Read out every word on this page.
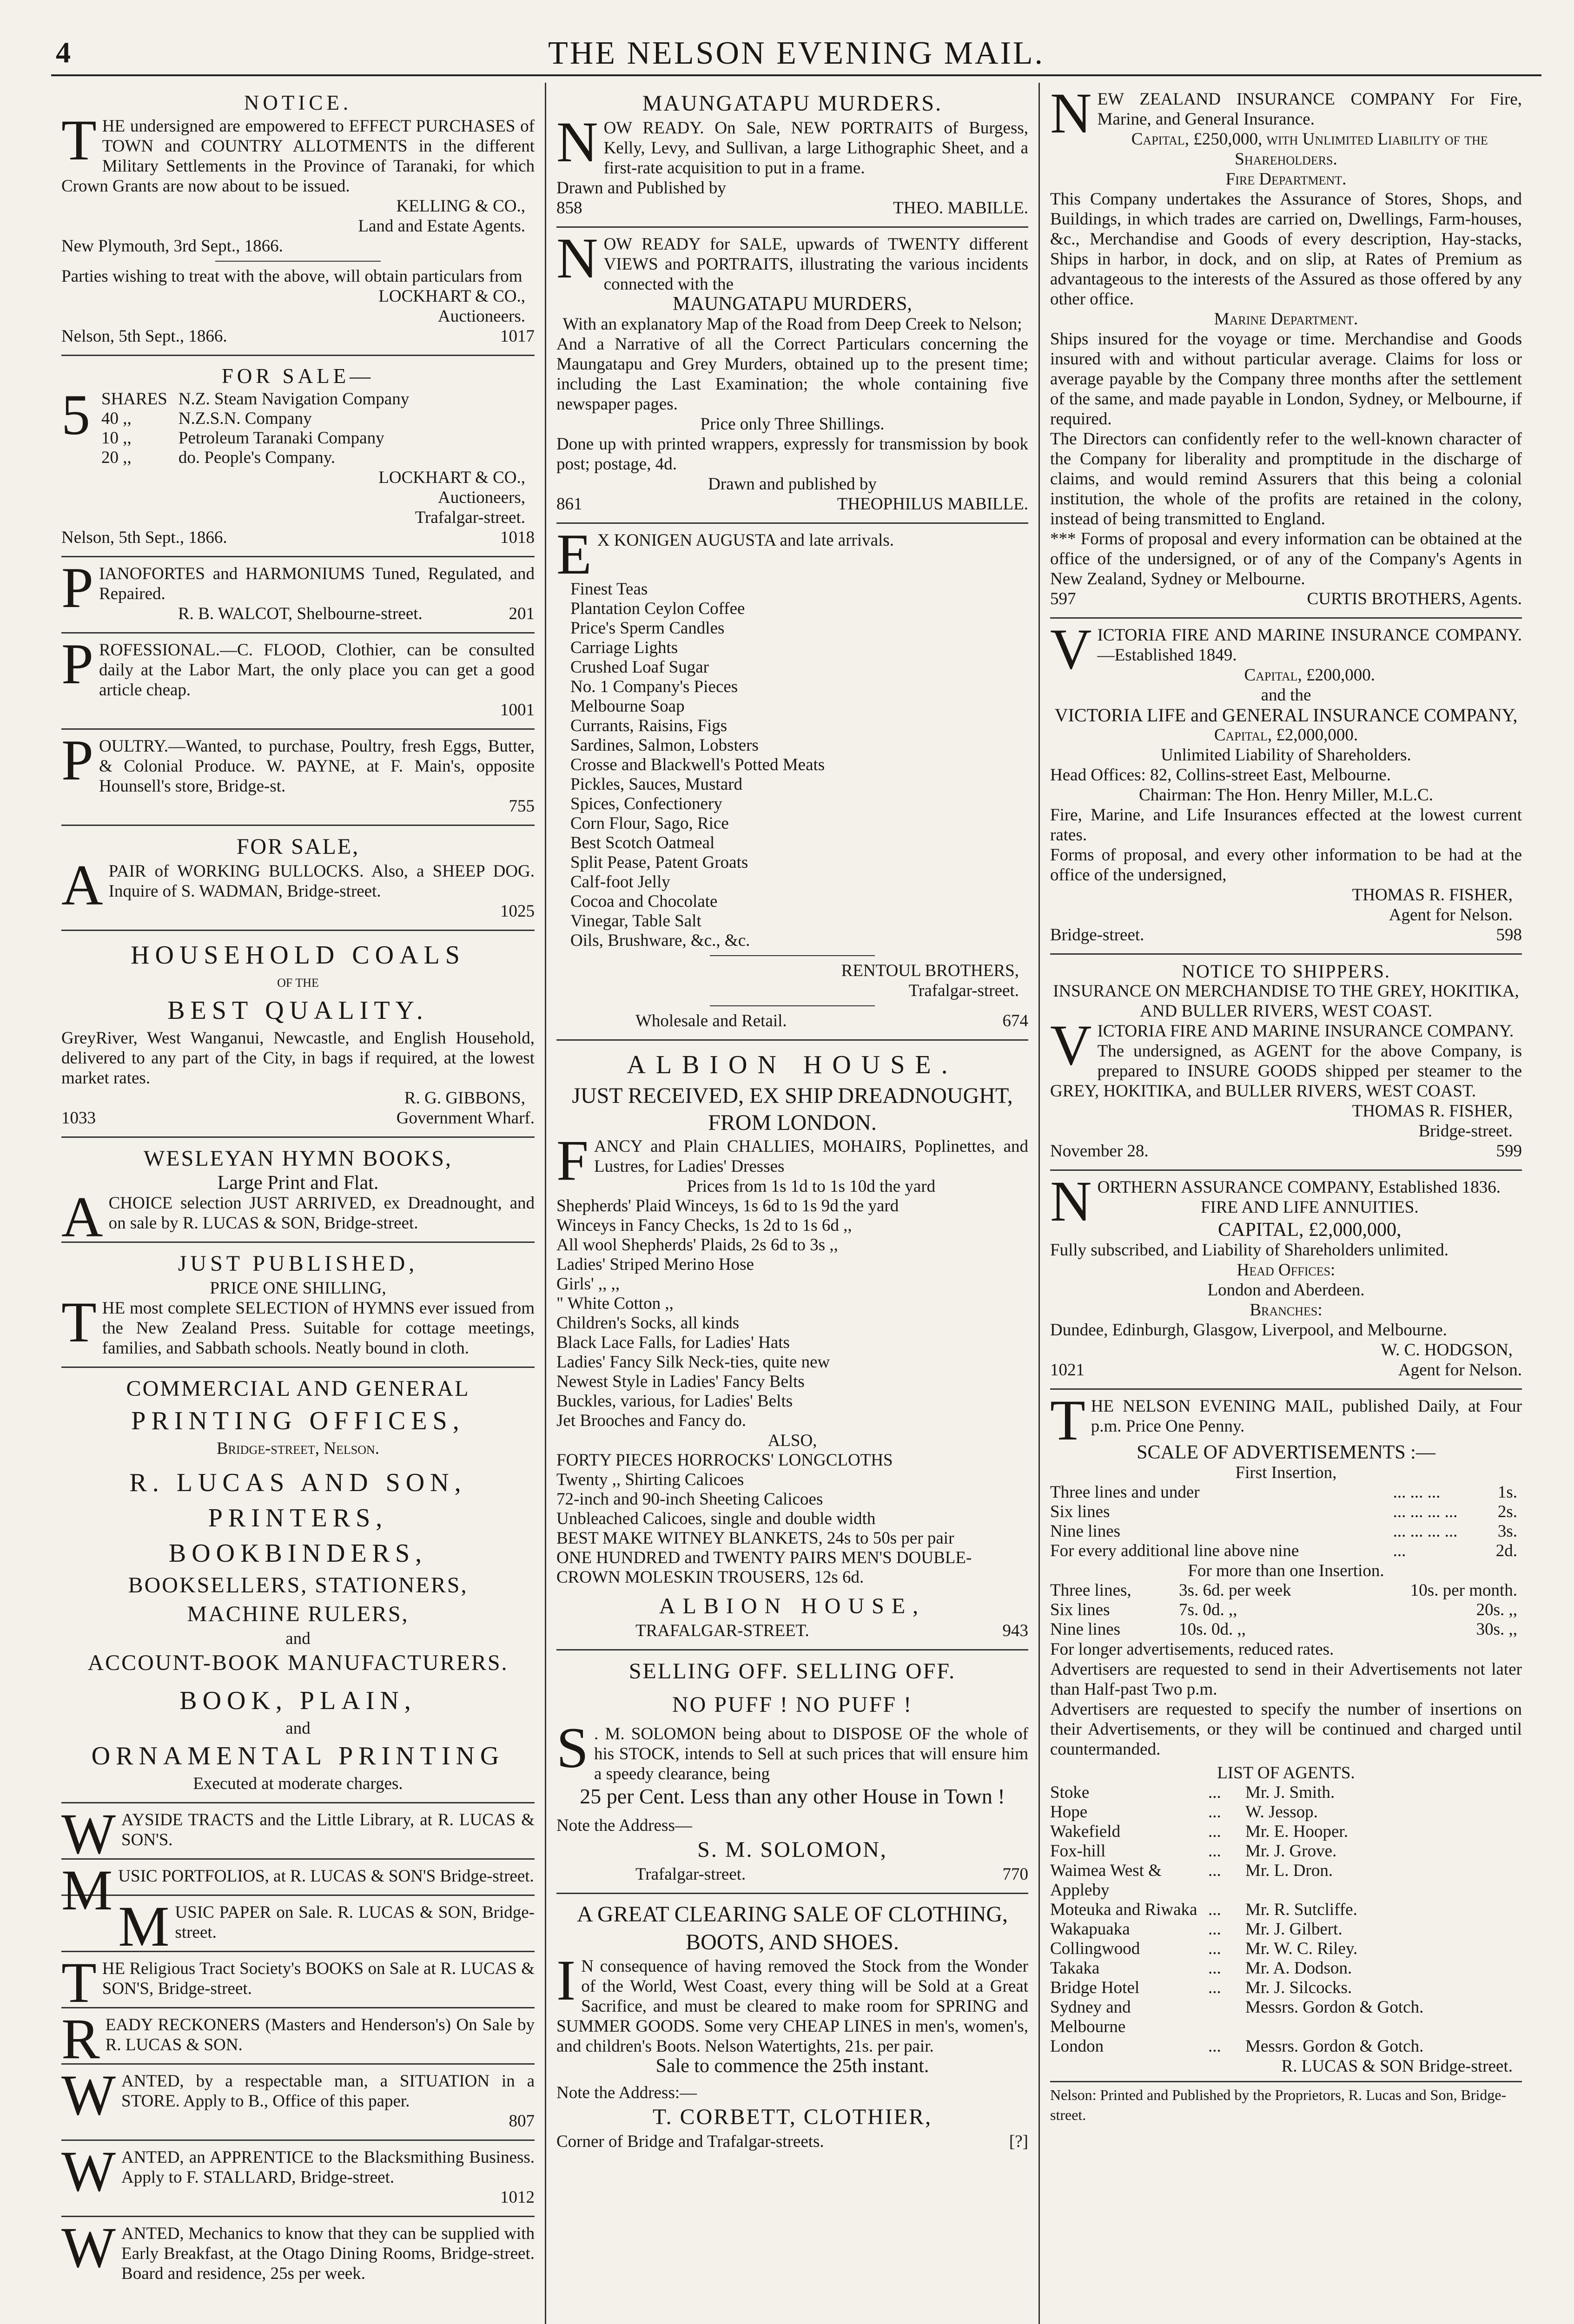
4	THE NELSON EVENING MAIL.
NOTICE.

THE undersigned are empowered to EFFECT PURCHASES of TOWN and COUNTRY ALLOTMENTS in the different Military Settlements in the Province of Taranaki, for which Crown Grants are now about to be issued.

KELLING & CO.,
Land and Estate Agents.
New Plymouth, 3rd Sept., 1866.

Parties wishing to treat with the above, will obtain particulars from

LOCKHART & CO.,
Auctioneers.
Nelson, 5th Sept., 1866.	1017
FOR SALE—
5	SHARES	N.Z. Steam Navigation Company
	40 ,,	N.Z.S.N. Company
	10 ,,	Petroleum Taranaki Company
	20 ,,	do. People's Company.
LOCKHART & CO.,
Auctioneers,
Trafalgar-street.
Nelson, 5th Sept., 1866.	1018

PIANOFORTES and HARMONIUMS Tuned, Regulated, and Repaired.

R. B. WALCOT, Shelbourne-street.	201

PROFESSIONAL.—C. FLOOD, Clothier, can be consulted daily at the Labor Mart, the only place you can get a good article cheap.

1001

POULTRY.—Wanted, to purchase, Poultry, fresh Eggs, Butter, & Colonial Produce. W. PAYNE, at F. Main's, opposite Hounsell's store, Bridge-st.

755
FOR SALE,

APAIR of WORKING BULLOCKS. Also, a SHEEP DOG. Inquire of S. WADMAN, Bridge-street.

1025
HOUSEHOLD COALS
OF THE
BEST QUALITY.

GreyRiver, West Wanganui, Newcastle, and English Household, delivered to any part of the City, in bags if required, at the lowest market rates.

R. G. GIBBONS,
1033	Government Wharf.
WESLEYAN HYMN BOOKS,
Large Print and Flat.

ACHOICE selection JUST ARRIVED, ex Dreadnought, and on sale by R. LUCAS & SON, Bridge-street.

JUST PUBLISHED,
PRICE ONE SHILLING,

THE most complete SELECTION of HYMNS ever issued from the New Zealand Press. Suitable for cottage meetings, families, and Sabbath schools. Neatly bound in cloth.

COMMERCIAL AND GENERAL
PRINTING OFFICES,
Bridge-street, Nelson.
R. LUCAS AND SON,
PRINTERS,
BOOKBINDERS,
BOOKSELLERS, STATIONERS,
MACHINE RULERS,
and
ACCOUNT-BOOK MANUFACTURERS.
BOOK, PLAIN,
and
ORNAMENTAL PRINTING
Executed at moderate charges.

WAYSIDE TRACTS and the Little Library, at R. LUCAS & SON'S.

MUSIC PORTFOLIOS, at R. LUCAS & SON'S Bridge-street.

MUSIC PAPER on Sale. R. LUCAS & SON, Bridge-street.

THE Religious Tract Society's BOOKS on Sale at R. LUCAS & SON'S, Bridge-street.

READY RECKONERS (Masters and Henderson's) On Sale by R. LUCAS & SON.

WANTED, by a respectable man, a SITUATION in a STORE. Apply to B., Office of this paper.

807

WANTED, an APPRENTICE to the Blacksmithing Business. Apply to F. STALLARD, Bridge-street.

1012

WANTED, Mechanics to know that they can be supplied with Early Breakfast, at the Otago Dining Rooms, Bridge-street. Board and residence, 25s per week.

MAUNGATAPU MURDERS.

NOW READY. On Sale, NEW PORTRAITS of Burgess, Kelly, Levy, and Sullivan, a large Lithographic Sheet, and a first-rate acquisition to put in a frame.

Drawn and Published by
858	THEO. MABILLE.

NOW READY for SALE, upwards of TWENTY different VIEWS and PORTRAITS, illustrating the various incidents connected with the

MAUNGATAPU MURDERS,
With an explanatory Map of the Road from Deep Creek to Nelson;

And a Narrative of all the Correct Particulars concerning the Maungatapu and Grey Murders, obtained up to the present time; including the Last Examination; the whole containing five newspaper pages.

Price only Three Shillings.

Done up with printed wrappers, expressly for transmission by book post; postage, 4d.

Drawn and published by
861	THEOPHILUS MABILLE.

E X KONIGEN AUGUSTA and late arrivals.

Finest Teas
Plantation Ceylon Coffee
Price's Sperm Candles
Carriage Lights
Crushed Loaf Sugar
No. 1 Company's Pieces
Melbourne Soap
Currants, Raisins, Figs
Sardines, Salmon, Lobsters
Crosse and Blackwell's Potted Meats
Pickles, Sauces, Mustard
Spices, Confectionery
Corn Flour, Sago, Rice
Best Scotch Oatmeal
Split Pease, Patent Groats
Calf-foot Jelly
Cocoa and Chocolate
Vinegar, Table Salt
Oils, Brushware, &c., &c.
RENTOUL BROTHERS,
Trafalgar-street.
Wholesale and Retail.	674
ALBION HOUSE.
JUST RECEIVED, EX SHIP DREADNOUGHT, FROM LONDON.

FANCY and Plain CHALLIES, MOHAIRS, Poplinettes, and Lustres, for Ladies' Dresses

Prices from 1s 1d to 1s 10d the yard
Shepherds' Plaid Winceys, 1s 6d to 1s 9d the yard
Winceys in Fancy Checks, 1s 2d to 1s 6d ,,
All wool Shepherds' Plaids, 2s 6d to 3s ,,
Ladies' Striped Merino Hose
Girls' ,, ,,
" White Cotton ,,
Children's Socks, all kinds
Black Lace Falls, for Ladies' Hats
Ladies' Fancy Silk Neck-ties, quite new
Newest Style in Ladies' Fancy Belts
Buckles, various, for Ladies' Belts
Jet Brooches and Fancy do.
ALSO,
FORTY PIECES HORROCKS' LONGCLOTHS
Twenty ,, Shirting Calicoes
72-inch and 90-inch Sheeting Calicoes
Unbleached Calicoes, single and double width
BEST MAKE WITNEY BLANKETS, 24s to 50s per pair
ONE HUNDRED and TWENTY PAIRS MEN'S DOUBLE-CROWN MOLESKIN TROUSERS, 12s 6d.
ALBION HOUSE,
TRAFALGAR-STREET.	943
SELLING OFF. SELLING OFF.
NO PUFF ! NO PUFF !

S . M. SOLOMON being about to DISPOSE OF the whole of his STOCK, intends to Sell at such prices that will ensure him a speedy clearance, being

25 per Cent. Less than any other House in Town !
Note the Address—
S. M. SOLOMON,
Trafalgar-street.	770
A GREAT CLEARING SALE OF CLOTHING, BOOTS, AND SHOES.

I N consequence of having removed the Stock from the Wonder of the World, West Coast, every thing will be Sold at a Great Sacrifice, and must be cleared to make room for SPRING and SUMMER GOODS. Some very CHEAP LINES in men's, women's, and children's Boots. Nelson Watertights, 21s. per pair.

Sale to commence the 25th instant.
Note the Address:—
T. CORBETT, CLOTHIER,
Corner of Bridge and Trafalgar-streets.	[?]

NEW ZEALAND INSURANCE COMPANY For Fire, Marine, and General Insurance.

Capital, £250,000, with Unlimited Liability of the Shareholders.
Fire Department.

This Company undertakes the Assurance of Stores, Shops, and Buildings, in which trades are carried on, Dwellings, Farm-houses, &c., Merchandise and Goods of every description, Hay-stacks, Ships in harbor, in dock, and on slip, at Rates of Premium as advantageous to the interests of the Assured as those offered by any other office.

Marine Department.

Ships insured for the voyage or time. Merchandise and Goods insured with and without particular average. Claims for loss or average payable by the Company three months after the settlement of the same, and made payable in London, Sydney, or Melbourne, if required.

The Directors can confidently refer to the well-known character of the Company for liberality and promptitude in the discharge of claims, and would remind Assurers that this being a colonial institution, the whole of the profits are retained in the colony, instead of being transmitted to England.

*** Forms of proposal and every information can be obtained at the office of the undersigned, or of any of the Company's Agents in New Zealand, Sydney or Melbourne.

597	CURTIS BROTHERS, Agents.

VICTORIA FIRE AND MARINE INSURANCE COMPANY.—Established 1849.

Capital, £200,000.
and the
VICTORIA LIFE and GENERAL INSURANCE COMPANY,
Capital, £2,000,000.
Unlimited Liability of Shareholders.
Head Offices: 82, Collins-street East, Melbourne.
Chairman: The Hon. Henry Miller, M.L.C.

Fire, Marine, and Life Insurances effected at the lowest current rates.

Forms of proposal, and every other information to be had at the office of the undersigned,

THOMAS R. FISHER,
Agent for Nelson.
Bridge-street.	598
NOTICE TO SHIPPERS.
INSURANCE ON MERCHANDISE TO THE GREY, HOKITIKA, AND BULLER RIVERS, WEST COAST.

VICTORIA FIRE AND MARINE INSURANCE COMPANY.

The undersigned, as AGENT for the above Company, is prepared to INSURE GOODS shipped per steamer to the GREY, HOKITIKA, and BULLER RIVERS, WEST COAST.

THOMAS R. FISHER,
Bridge-street.
November 28.	599

NORTHERN ASSURANCE COMPANY, Established 1836.

FIRE AND LIFE ANNUITIES.
CAPITAL, £2,000,000,

Fully subscribed, and Liability of Shareholders unlimited.

Head Offices:
London and Aberdeen.
Branches:

Dundee, Edinburgh, Glasgow, Liverpool, and Melbourne.

W. C. HODGSON,
1021	Agent for Nelson.

THE NELSON EVENING MAIL, published Daily, at Four p.m. Price One Penny.

SCALE OF ADVERTISEMENTS :—
First Insertion,
Three lines and under	... ... ...	1s.
Six lines	... ... ... ...	2s.
Nine lines	... ... ... ...	3s.
For every additional line above nine	...	2d.
For more than one Insertion.
Three lines,	3s. 6d. per week	10s. per month.
Six lines	7s. 0d. ,,	20s. ,,
Nine lines	10s. 0d. ,,	30s. ,,

For longer advertisements, reduced rates.

Advertisers are requested to send in their Advertisements not later than Half-past Two p.m.

Advertisers are requested to specify the number of insertions on their Advertisements, or they will be continued and charged until countermanded.

LIST OF AGENTS.
Stoke	...	Mr. J. Smith.
Hope	...	W. Jessop.
Wakefield	...	Mr. E. Hooper.
Fox-hill	...	Mr. J. Grove.
Waimea West & Appleby	...	Mr. L. Dron.
Moteuka and Riwaka	...	Mr. R. Sutcliffe.
Wakapuaka	...	Mr. J. Gilbert.
Collingwood	...	Mr. W. C. Riley.
Takaka	...	Mr. A. Dodson.
Bridge Hotel	...	Mr. J. Silcocks.
Sydney and Melbourne		Messrs. Gordon & Gotch.
London	...	Messrs. Gordon & Gotch.
R. LUCAS & SON Bridge-street.
Nelson: Printed and Published by the Proprietors, R. Lucas and Son, Bridge-street.
